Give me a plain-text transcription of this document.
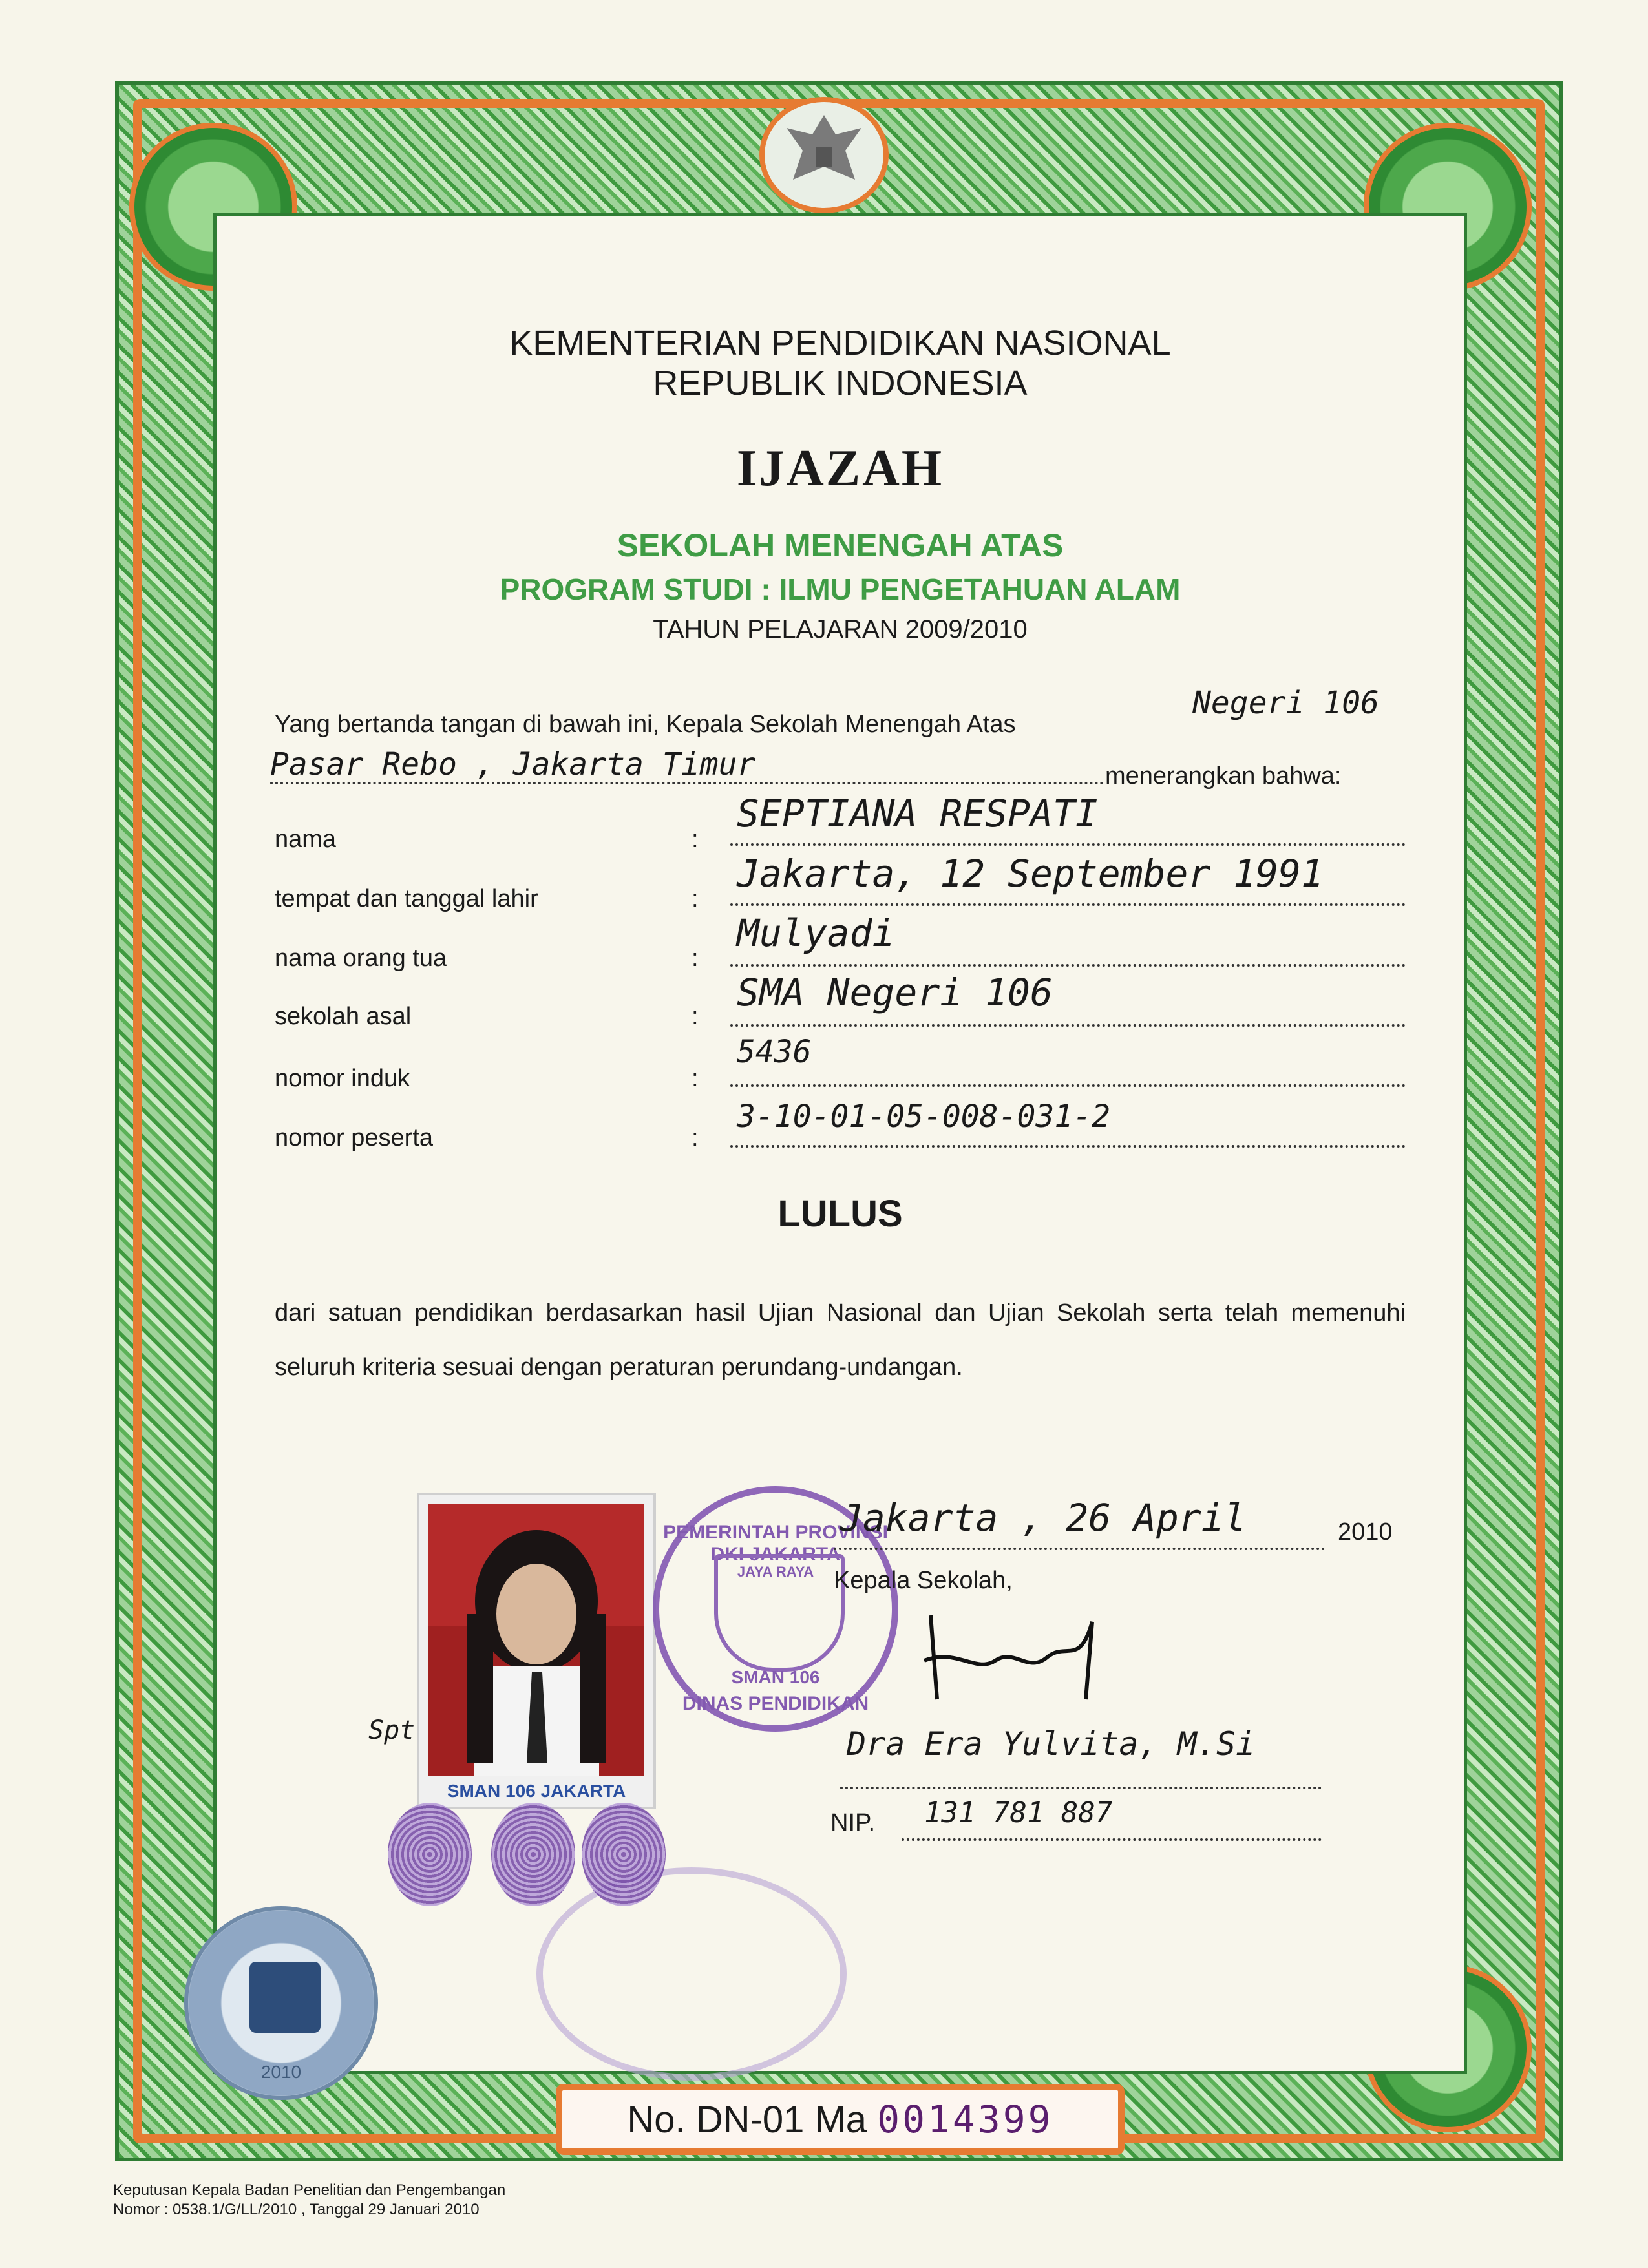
KEMENTERIAN PENDIDIKAN NASIONAL
REPUBLIK INDONESIA
IJAZAH
SEKOLAH MENENGAH ATAS
PROGRAM STUDI : ILMU PENGETAHUAN ALAM
TAHUN PELAJARAN 2009/2010
Yang bertanda tangan di bawah ini, Kepala Sekolah Menengah Atas
Negeri 106
Pasar Rebo , Jakarta Timur	menerangkan bahwa:
nama	:
SEPTIANA RESPATI
tempat dan tanggal lahir	:
Jakarta, 12 September 1991
nama orang tua	:
Mulyadi
sekolah asal	:
SMA Negeri 106
nomor induk	:
5436
nomor peserta	:
3-10-01-05-008-031-2
LULUS
dari satuan pendidikan berdasarkan hasil Ujian Nasional dan Ujian Sekolah serta telah memenuhi seluruh kriteria sesuai dengan peraturan perundang-undangan.
SMAN 106 JAKARTA
Spt
PEMERINTAH PROVINSI DKI JAKARTA
JAYA RAYA
SMAN 106
DINAS PENDIDIKAN
Jakarta , 26 April	2010
Kepala Sekolah,
Dra Era Yulvita, M.Si
NIP. 131 781 887
2010
No. DN-01 Ma 0014399
Keputusan Kepala Badan Penelitian dan Pengembangan
Nomor : 0538.1/G/LL/2010 , Tanggal 29 Januari 2010
